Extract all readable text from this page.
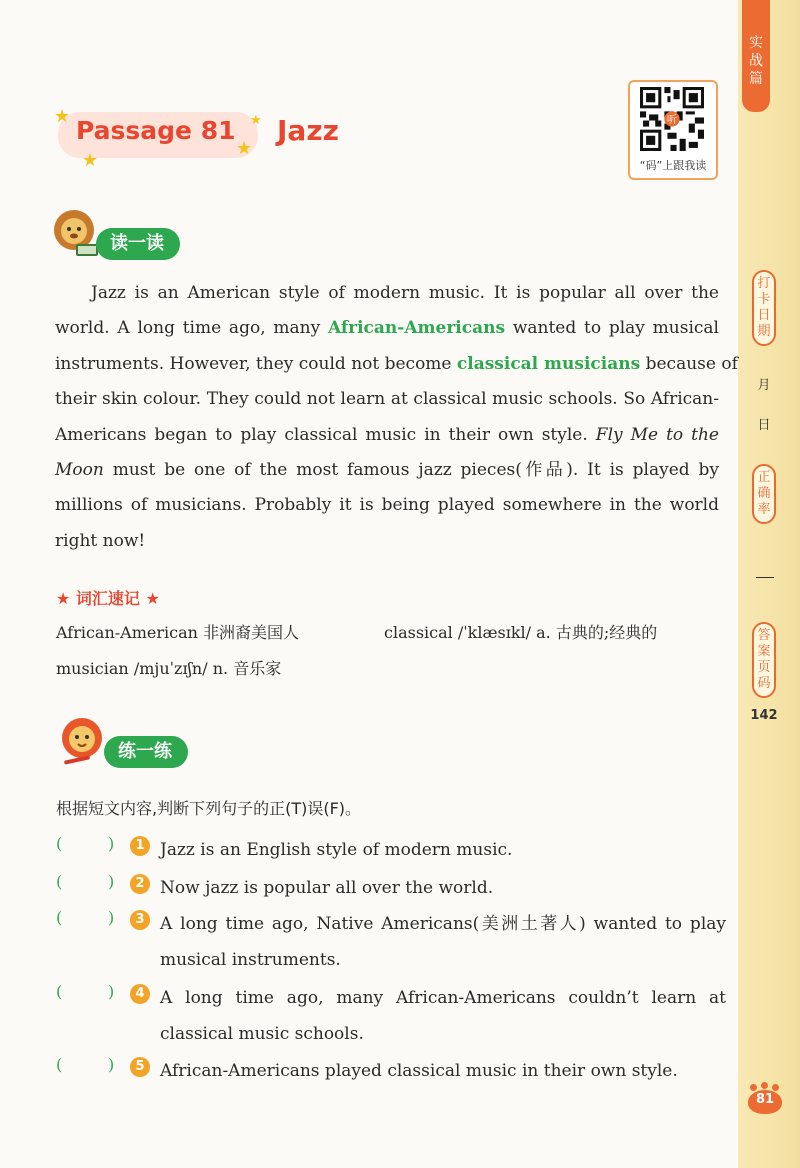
实战篇
打卡日期
月
日
正确率
答案页码
142
81
★
★
★
★
Passage 81 Jazz	听
“码”上跟我读
读一读
Jazz is an American style of modern music. It is popular all over the
world. A long time ago, many African-Americans wanted to play musical
instruments. However, they could not become classical musicians because of
their skin colour. They could not learn at classical music schools. So African-
Americans began to play classical music in their own style. Fly Me to the
Moon must be one of the most famous jazz pieces(作品). It is played by
millions of musicians. Probably it is being played somewhere in the world
right now!
★ 词汇速记 ★
African-American 非洲裔美国人	classical /ˈklæsɪkl/ a. 古典的;经典的
musician /mjuˈzɪʃn/ n. 音乐家
练一练
根据短文内容,判断下列句子的正(T)误(F)。
(	)	1 Jazz is an English style of modern music.
(	)	2 Now jazz is popular all over the world.
(	)	3 A long time ago, Native Americans(美洲土著人) wanted to play
musical instruments.
(	)	4 A long time ago, many African-Americans couldn’t learn at
classical music schools.
(	)	5 African-Americans played classical music in their own style.
